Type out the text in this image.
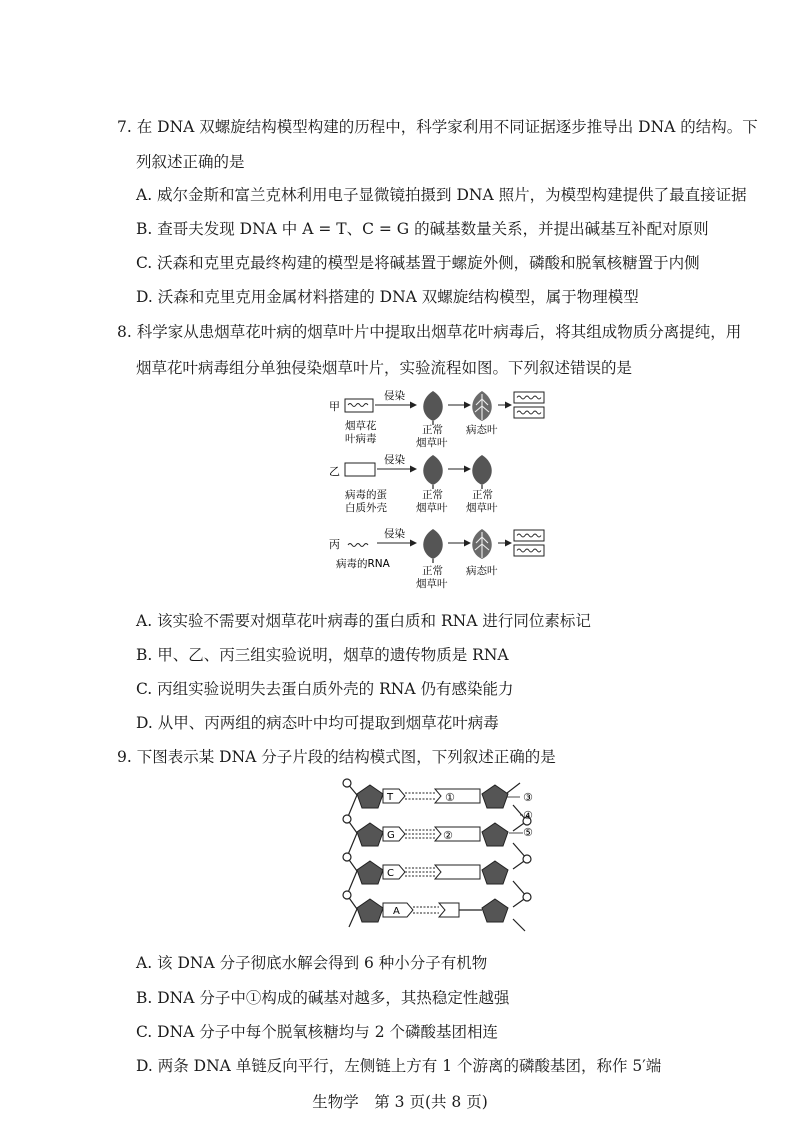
7. 在 DNA 双螺旋结构模型构建的历程中，科学家利用不同证据逐步推导出 DNA 的结构。下
列叙述正确的是
A. 威尔金斯和富兰克林利用电子显微镜拍摄到 DNA 照片，为模型构建提供了最直接证据
B. 查哥夫发现 DNA 中 A = T、C = G 的碱基数量关系，并提出碱基互补配对原则
C. 沃森和克里克最终构建的模型是将碱基置于螺旋外侧，磷酸和脱氧核糖置于内侧
D. 沃森和克里克用金属材料搭建的 DNA 双螺旋结构模型，属于物理模型
8. 科学家从患烟草花叶病的烟草叶片中提取出烟草花叶病毒后，将其组成物质分离提纯，用
烟草花叶病毒组分单独侵染烟草叶片，实验流程如图。下列叙述错误的是
甲
侵染
烟草花
叶病毒
正常
烟草叶
病态叶
乙
侵染
病毒的蛋
白质外壳
正常
烟草叶
正常
烟草叶
丙
侵染
病毒的RNA
正常
烟草叶
病态叶
A. 该实验不需要对烟草花叶病毒的蛋白质和 RNA 进行同位素标记
B. 甲、乙、丙三组实验说明，烟草的遗传物质是 RNA
C. 丙组实验说明失去蛋白质外壳的 RNA 仍有感染能力
D. 从甲、丙两组的病态叶中均可提取到烟草花叶病毒
9. 下图表示某 DNA 分子片段的结构模式图，下列叙述正确的是
T	①
G	②
C
A
③
④
⑤
A. 该 DNA 分子彻底水解会得到 6 种小分子有机物
B. DNA 分子中①构成的碱基对越多，其热稳定性越强
C. DNA 分子中每个脱氧核糖均与 2 个磷酸基团相连
D. 两条 DNA 单链反向平行，左侧链上方有 1 个游离的磷酸基团，称作 5′端
生物学　第 3 页(共 8 页)
